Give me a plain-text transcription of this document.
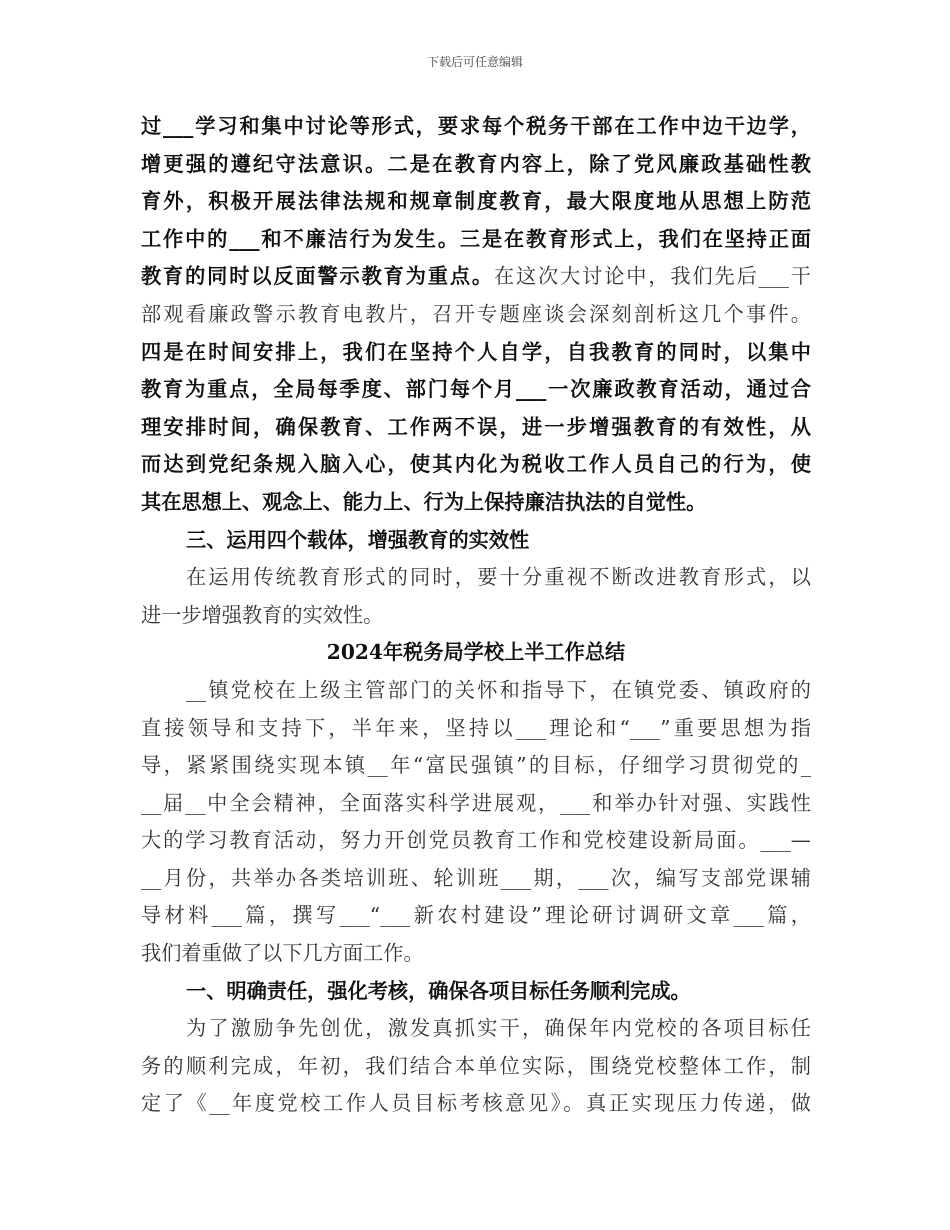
下载后可任意编辑
过___学习和集中讨论等形式，要求每个税务干部在工作中边干边学，
增更强的遵纪守法意识。二是在教育内容上，除了党风廉政基础性教
育外，积极开展法律法规和规章制度教育，最大限度地从思想上防范
工作中的___和不廉洁行为发生。三是在教育形式上，我们在坚持正面
教育的同时以反面警示教育为重点。在这次大讨论中，我们先后___干
部观看廉政警示教育电教片，召开专题座谈会深刻剖析这几个事件。
四是在时间安排上，我们在坚持个人自学，自我教育的同时，以集中
教育为重点，全局每季度、部门每个月___一次廉政教育活动，通过合
理安排时间，确保教育、工作两不误，进一步增强教育的有效性，从
而达到党纪条规入脑入心，使其内化为税收工作人员自己的行为，使
其在思想上、观念上、能力上、行为上保持廉洁执法的自觉性。
三、运用四个载体，增强教育的实效性
在运用传统教育形式的同时，要十分重视不断改进教育形式，以
进一步增强教育的实效性。
2024年税务局学校上半工作总结
__镇党校在上级主管部门的关怀和指导下，在镇党委、镇政府的
直接领导和支持下，半年来，坚持以___理论和“___”重要思想为指
导，紧紧围绕实现本镇__年“富民强镇”的目标，仔细学习贯彻党的_
__届__中全会精神，全面落实科学进展观，___和举办针对强、实践性
大的学习教育活动，努力开创党员教育工作和党校建设新局面。___—
__月份，共举办各类培训班、轮训班___期，___次，编写支部党课辅
导材料___篇，撰写___“___新农村建设”理论研讨调研文章___篇，
我们着重做了以下几方面工作。
一、明确责任，强化考核，确保各项目标任务顺利完成。
为了激励争先创优，激发真抓实干，确保年内党校的各项目标任
务的顺利完成，年初，我们结合本单位实际，围绕党校整体工作，制
定了《__年度党校工作人员目标考核意见》。真正实现压力传递，做
